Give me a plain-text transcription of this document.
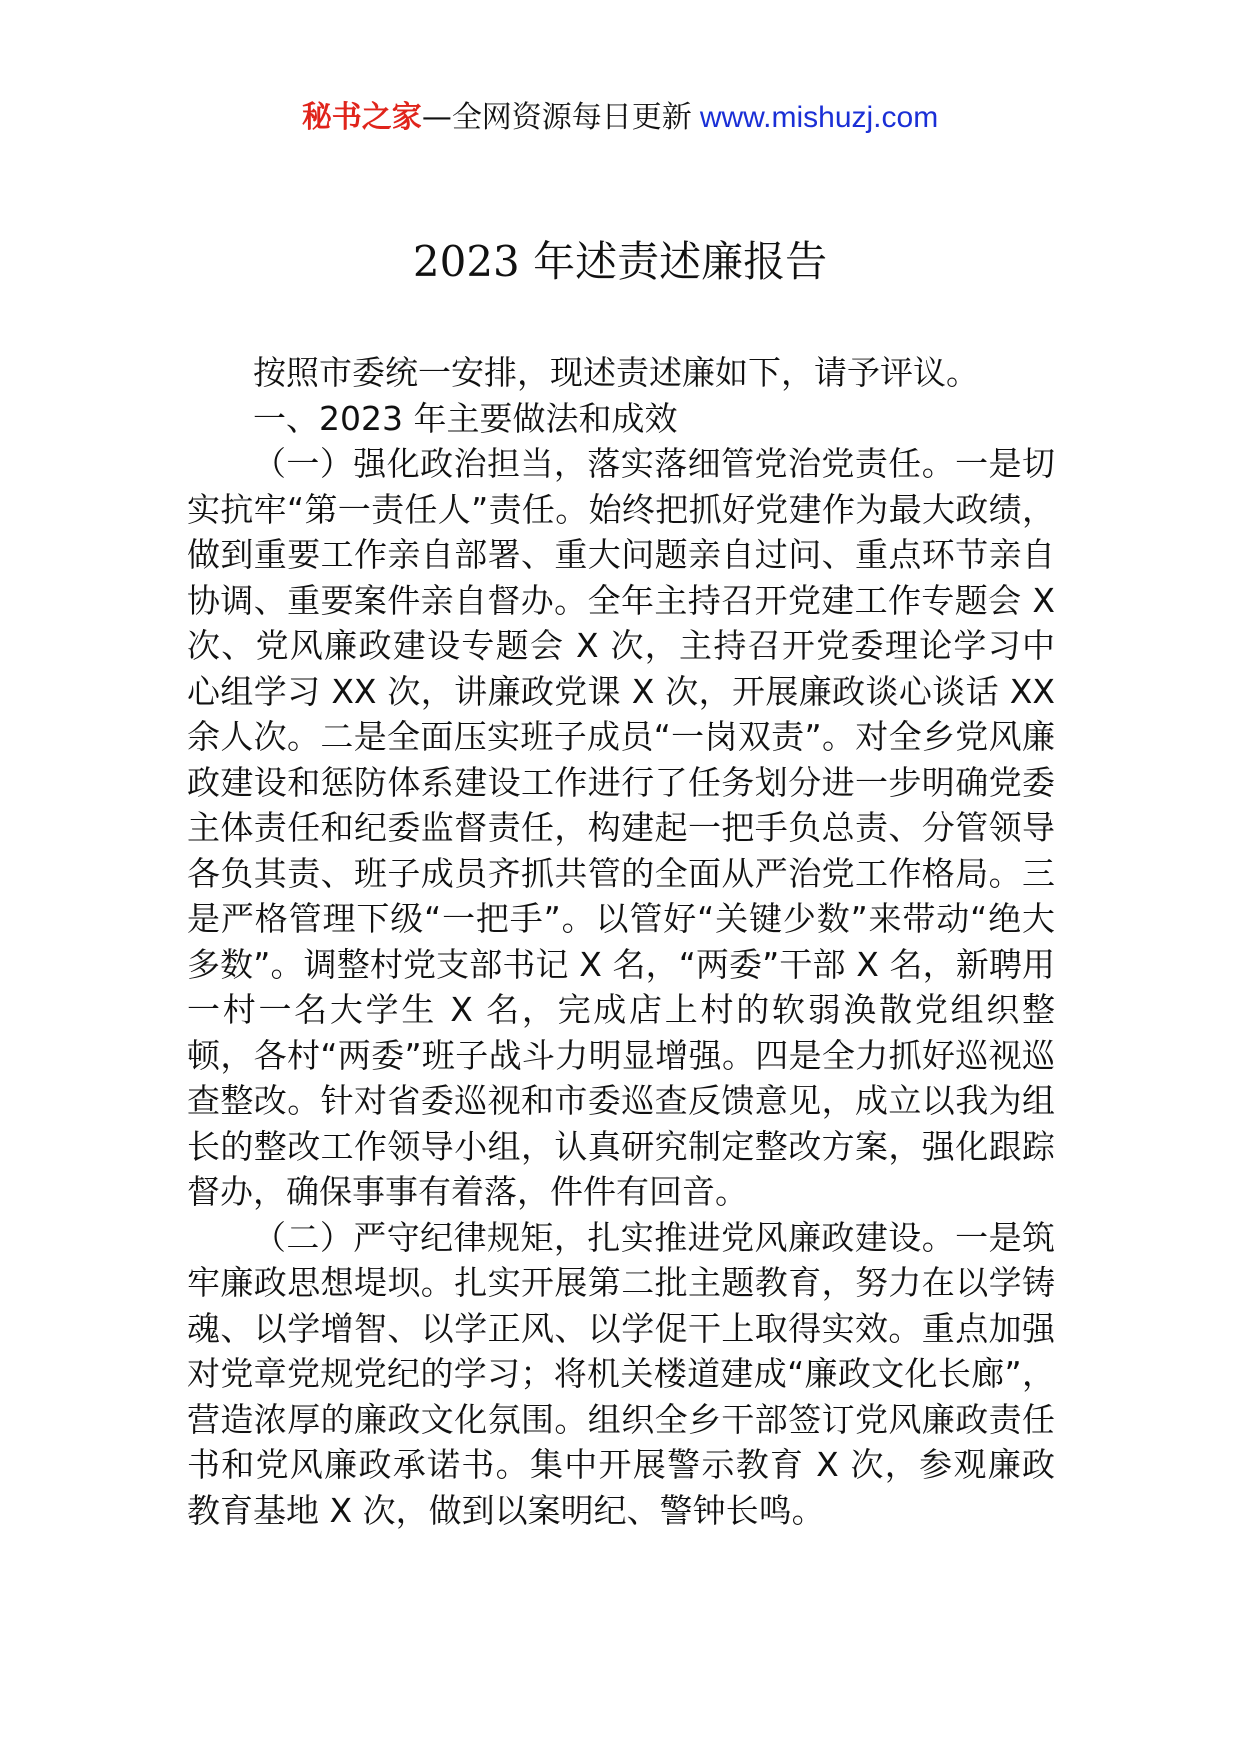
秘书之家—全网资源每日更新 www.mishuzj.com
2023 年述责述廉报告

按照市委统一安排，现述责述廉如下，请予评议。

一、2023 年主要做法和成效

（一）强化政治担当，落实落细管党治党责任。一是切实抗牢“第一责任人”责任。始终把抓好党建作为最大政绩，做到重要工作亲自部署、重大问题亲自过问、重点环节亲自协调、重要案件亲自督办。全年主持召开党建工作专题会 X 次、党风廉政建设专题会 X 次，主持召开党委理论学习中心组学习 XX 次，讲廉政党课 X 次，开展廉政谈心谈话 XX 余人次。二是全面压实班子成员“一岗双责”。对全乡党风廉政建设和惩防体系建设工作进行了任务划分进一步明确党委主体责任和纪委监督责任，构建起一把手负总责、分管领导各负其责、班子成员齐抓共管的全面从严治党工作格局。三是严格管理下级“一把手”。以管好“关键少数”来带动“绝大多数”。调整村党支部书记 X 名，“两委”干部 X 名，新聘用一村一名大学生 X 名，完成店上村的软弱涣散党组织整顿，各村“两委”班子战斗力明显增强。四是全力抓好巡视巡查整改。针对省委巡视和市委巡查反馈意见，成立以我为组长的整改工作领导小组，认真研究制定整改方案，强化跟踪督办，确保事事有着落，件件有回音。

（二）严守纪律规矩，扎实推进党风廉政建设。一是筑牢廉政思想堤坝。扎实开展第二批主题教育，努力在以学铸魂、以学增智、以学正风、以学促干上取得实效。重点加强对党章党规党纪的学习；将机关楼道建成“廉政文化长廊”，营造浓厚的廉政文化氛围。组织全乡干部签订党风廉政责任书和党风廉政承诺书。集中开展警示教育 X 次，参观廉政教育基地 X 次，做到以案明纪、警钟长鸣。
